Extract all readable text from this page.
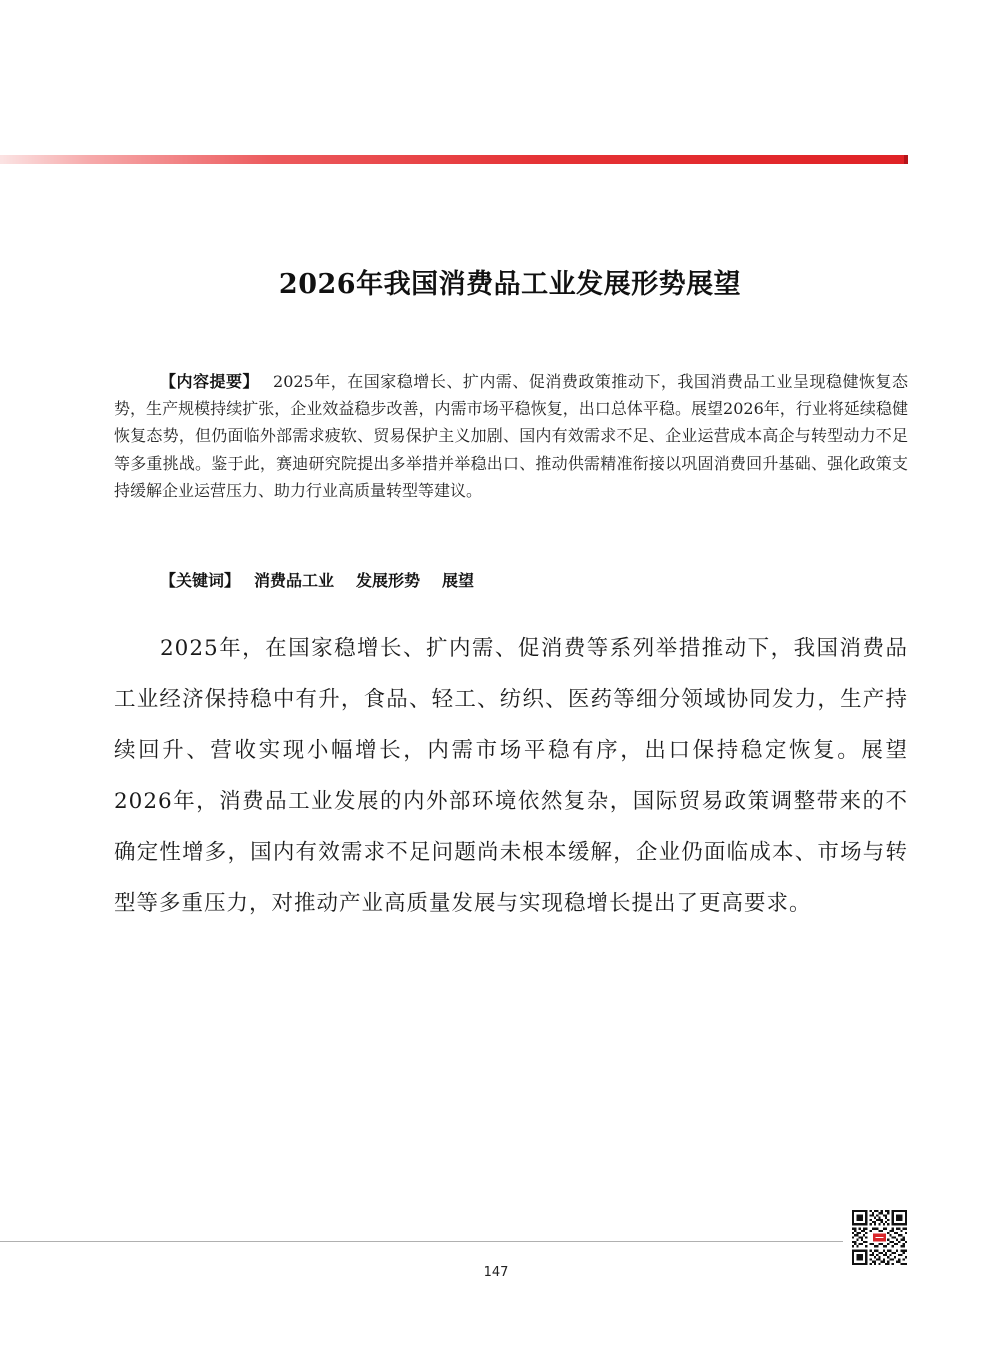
2026年我国消费品工业发展形势展望
【内容提要】 2025年，在国家稳增长、扩内需、促消费政策推动下，我国消费品工业呈现稳健恢复态势，生产规模持续扩张，企业效益稳步改善，内需市场平稳恢复，出口总体平稳。展望2026年，行业将延续稳健恢复态势，但仍面临外部需求疲软、贸易保护主义加剧、国内有效需求不足、企业运营成本高企与转型动力不足等多重挑战。鉴于此，赛迪研究院提出多举措并举稳出口、推动供需精准衔接以巩固消费回升基础、强化政策支持缓解企业运营压力、助力行业高质量转型等建议。
【关键词】 消费品工业 发展形势 展望
2025年，在国家稳增长、扩内需、促消费等系列举措推动下，我国消费品工业经济保持稳中有升，食品、轻工、纺织、医药等细分领域协同发力，生产持续回升、营收实现小幅增长，内需市场平稳有序，出口保持稳定恢复。展望2026年，消费品工业发展的内外部环境依然复杂，国际贸易政策调整带来的不确定性增多，国内有效需求不足问题尚未根本缓解，企业仍面临成本、市场与转型等多重压力，对推动产业高质量发展与实现稳增长提出了更高要求。
147
